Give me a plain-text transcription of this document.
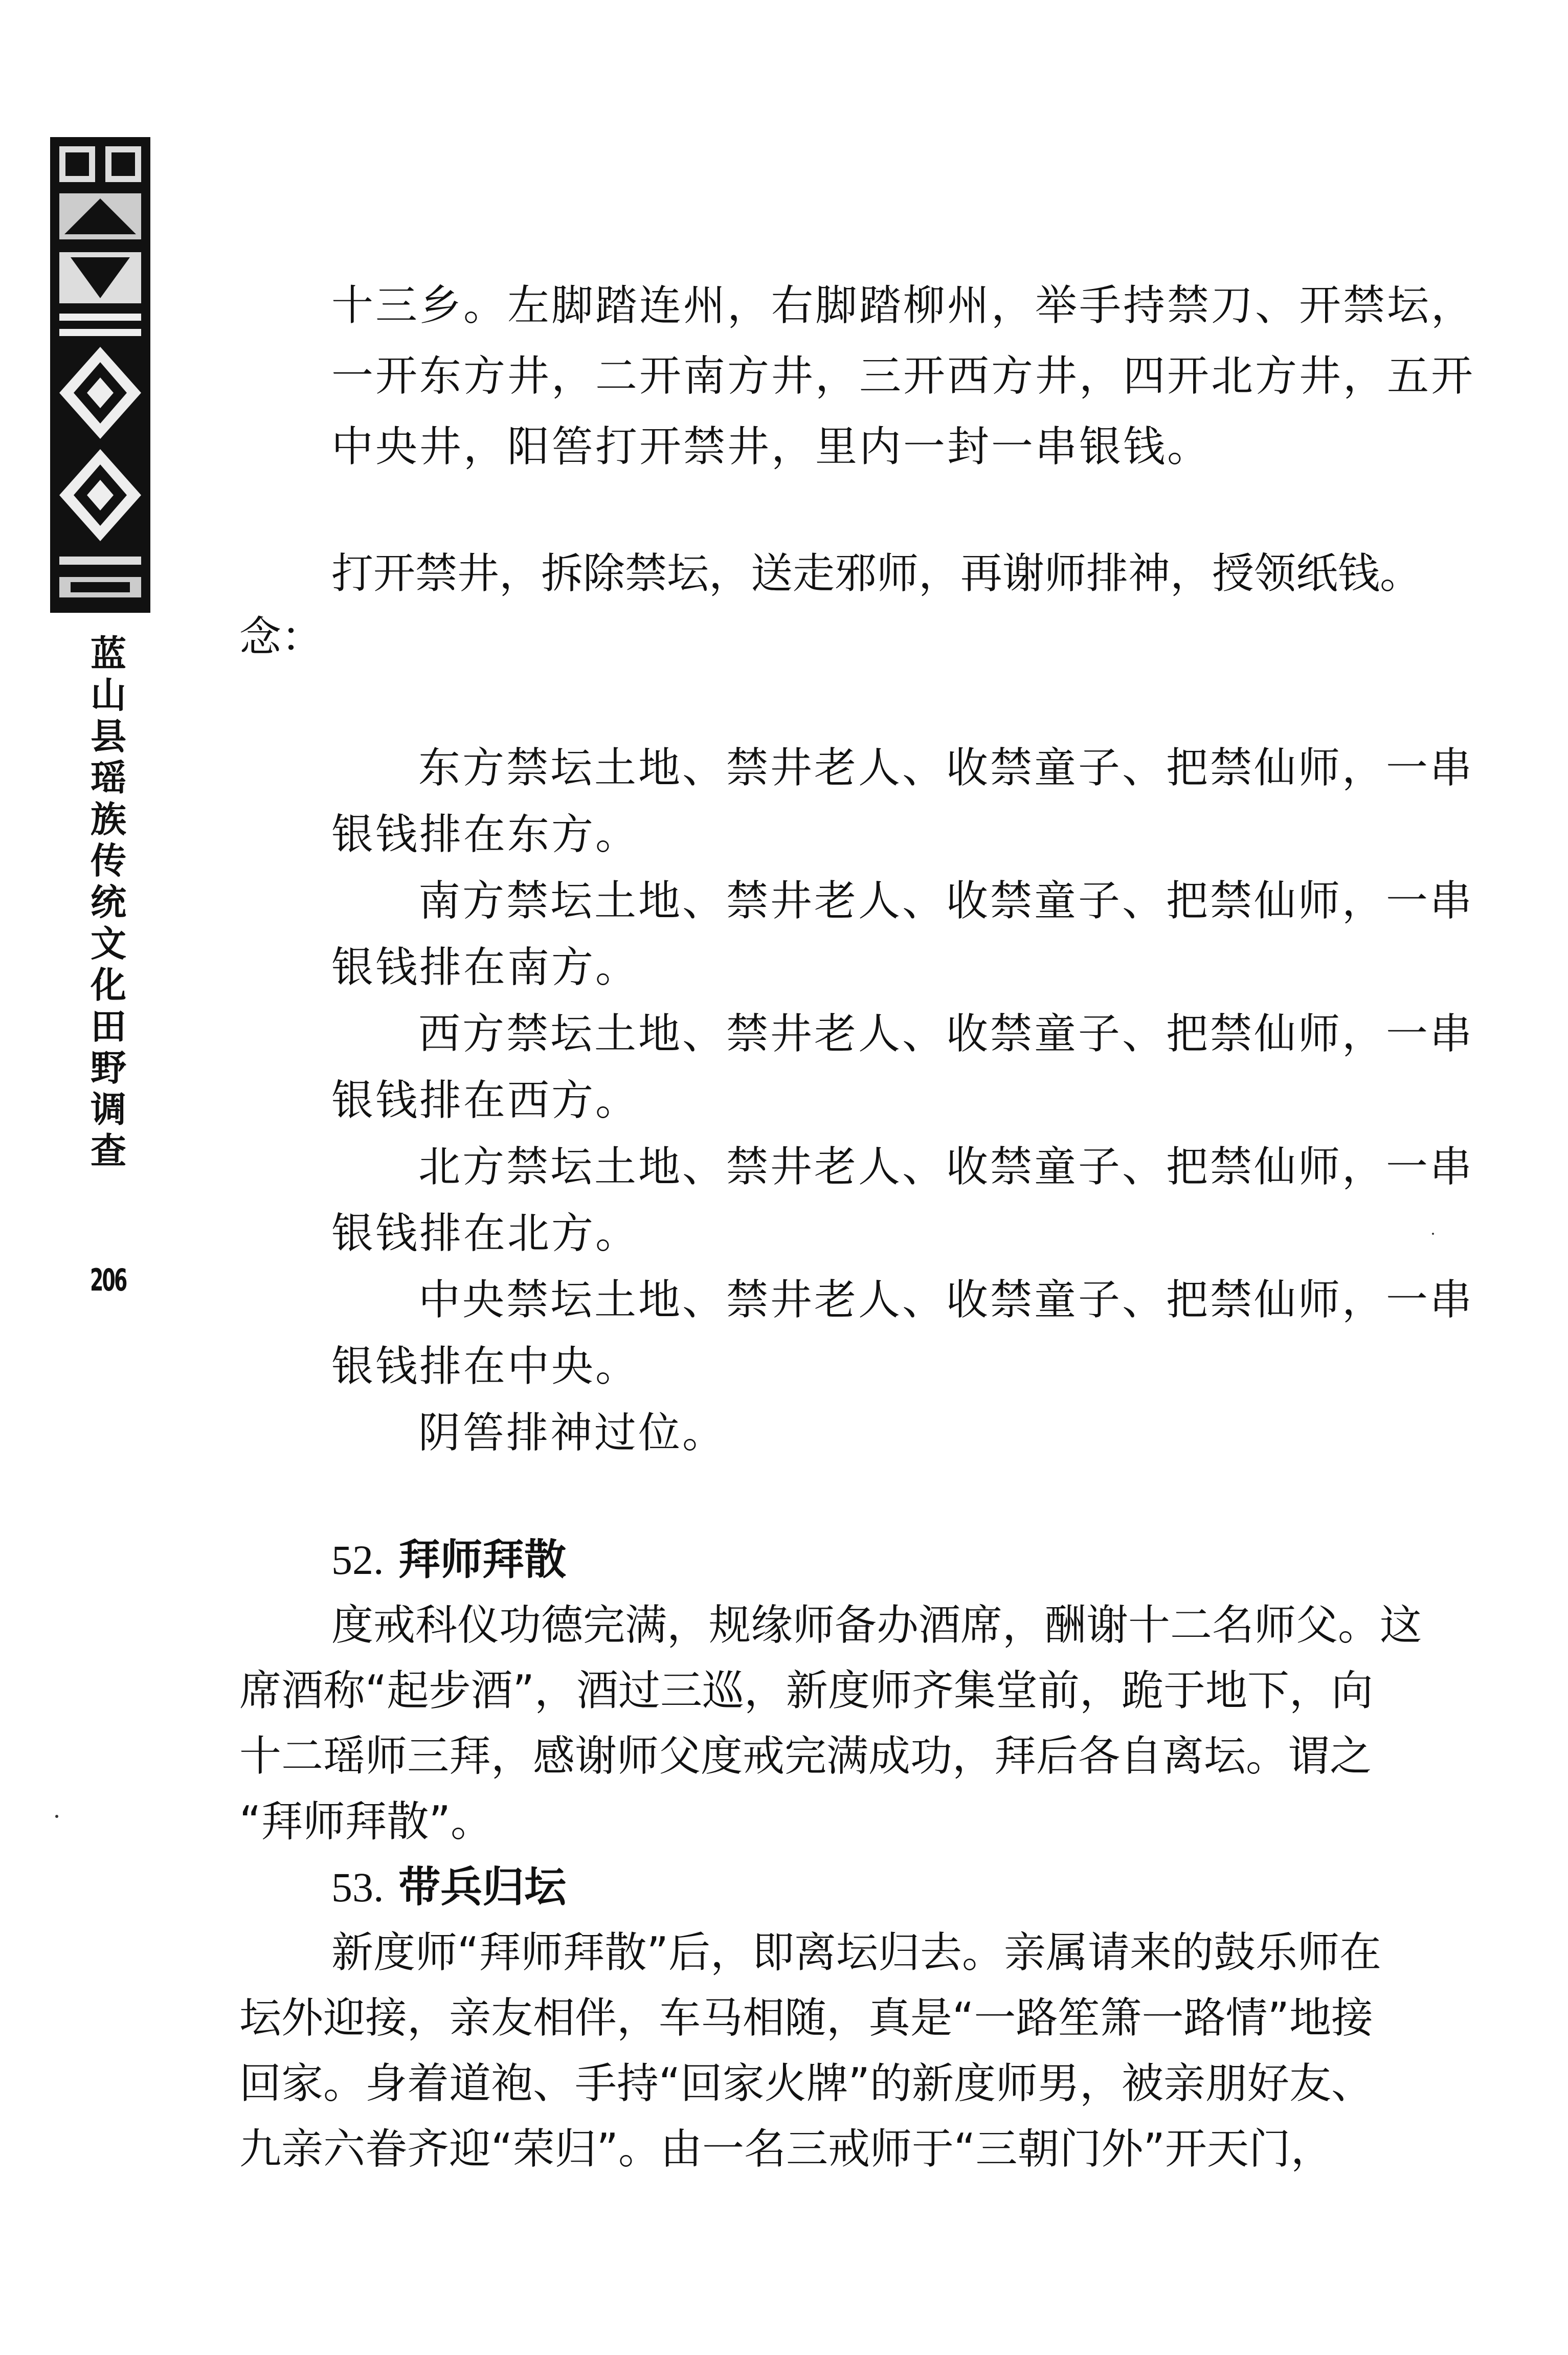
蓝山县瑶族传统文化田野调查
206
十三乡。左脚踏连州，右脚踏柳州，举手持禁刀、开禁坛，
一开东方井，二开南方井，三开西方井，四开北方井，五开
中央井，阳筶打开禁井，里内一封一串银钱。
打开禁井，拆除禁坛，送走邪师，再谢师排神，授领纸钱。
念：
东方禁坛土地、禁井老人、收禁童子、把禁仙师，一串
银钱排在东方。
南方禁坛土地、禁井老人、收禁童子、把禁仙师，一串
银钱排在南方。
西方禁坛土地、禁井老人、收禁童子、把禁仙师，一串
银钱排在西方。
北方禁坛土地、禁井老人、收禁童子、把禁仙师，一串
银钱排在北方。
中央禁坛土地、禁井老人、收禁童子、把禁仙师，一串
银钱排在中央。
阴筶排神过位。
52. 拜师拜散
度戒科仪功德完满，规缘师备办酒席，酬谢十二名师父。这
席酒称“起步酒”，酒过三巡，新度师齐集堂前，跪于地下，向
十二瑶师三拜，感谢师父度戒完满成功，拜后各自离坛。谓之
“拜师拜散”。
53. 带兵归坛
新度师“拜师拜散”后，即离坛归去。亲属请来的鼓乐师在
坛外迎接，亲友相伴，车马相随，真是“一路笙箫一路情”地接
回家。身着道袍、手持“回家火牌”的新度师男，被亲朋好友、
九亲六眷齐迎“荣归”。由一名三戒师于“三朝门外”开天门，
